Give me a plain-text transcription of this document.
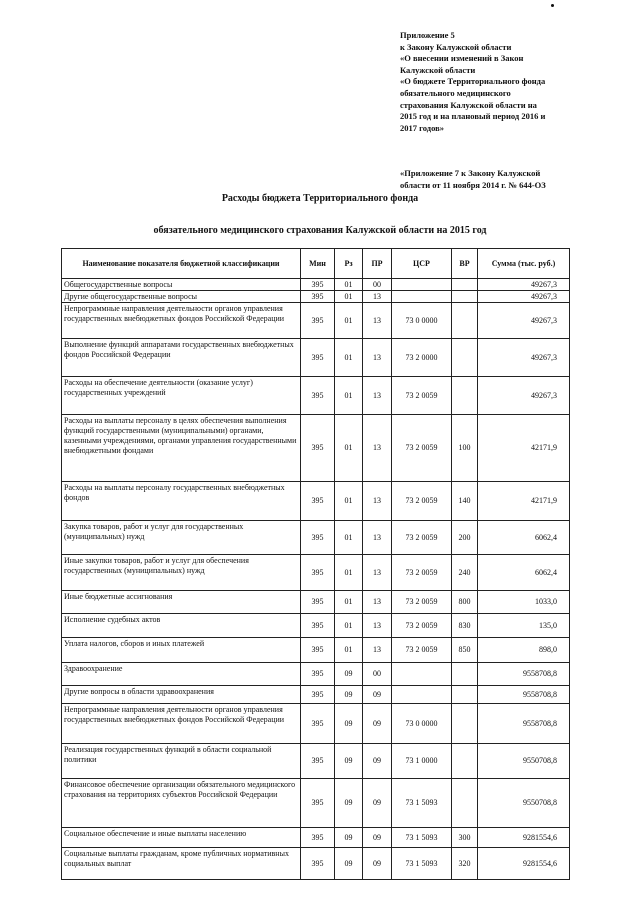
Приложение 5
к Закону Калужской области
«О внесении изменений в Закон
Калужской области
«О бюджете Территориального фонда
обязательного медицинского
страхования Калужской области на
2015 год и на плановый период 2016 и
2017 годов»
«Приложение 7 к Закону Калужской
области от 11 ноября 2014 г. № 644-ОЗ
Расходы бюджета Территориального фонда
обязательного медицинского страхования Калужской области на 2015 год
Наименование показателя бюджетной классификации	Мин	Рз	ПР	ЦСР	ВР	Сумма (тыс. руб.)
Общегосударственные вопросы	395	01	00			49267,3
Другие общегосударственные вопросы	395	01	13			49267,3
Непрограммные направления деятельности органов управления государственных внебюджетных фондов Российской Федерации	395	01	13	73 0 0000		49267,3
Выполнение функций аппаратами государственных внебюджетных фондов Российской Федерации	395	01	13	73 2 0000		49267,3
Расходы на обеспечение деятельности (оказание услуг) государственных учреждений	395	01	13	73 2 0059		49267,3
Расходы на выплаты персоналу в целях обеспечения выполнения функций государственными (муниципальными) органами, казенными учреждениями, органами управления государственными внебюджетными фондами	395	01	13	73 2 0059	100	42171,9
Расходы на выплаты персоналу государственных внебюджетных фондов	395	01	13	73 2 0059	140	42171,9
Закупка товаров, работ и услуг для государственных (муниципальных) нужд	395	01	13	73 2 0059	200	6062,4
Иные закупки товаров, работ и услуг для обеспечения государственных (муниципальных) нужд	395	01	13	73 2 0059	240	6062,4
Иные бюджетные ассигнования	395	01	13	73 2 0059	800	1033,0
Исполнение судебных актов	395	01	13	73 2 0059	830	135,0
Уплата налогов, сборов и иных платежей	395	01	13	73 2 0059	850	898,0
Здравоохранение	395	09	00			9558708,8
Другие вопросы в области здравоохранения	395	09	09			9558708,8
Непрограммные направления деятельности органов управления государственных внебюджетных фондов Российской Федерации	395	09	09	73 0 0000		9558708,8
Реализация государственных функций в области социальной политики	395	09	09	73 1 0000		9550708,8
Финансовое обеспечение организации обязательного медицинского страхования на территориях субъектов Российской Федерации	395	09	09	73 1 5093		9550708,8
Социальное обеспечение и иные выплаты населению	395	09	09	73 1 5093	300	9281554,6
Социальные выплаты гражданам, кроме публичных нормативных социальных выплат	395	09	09	73 1 5093	320	9281554,6
